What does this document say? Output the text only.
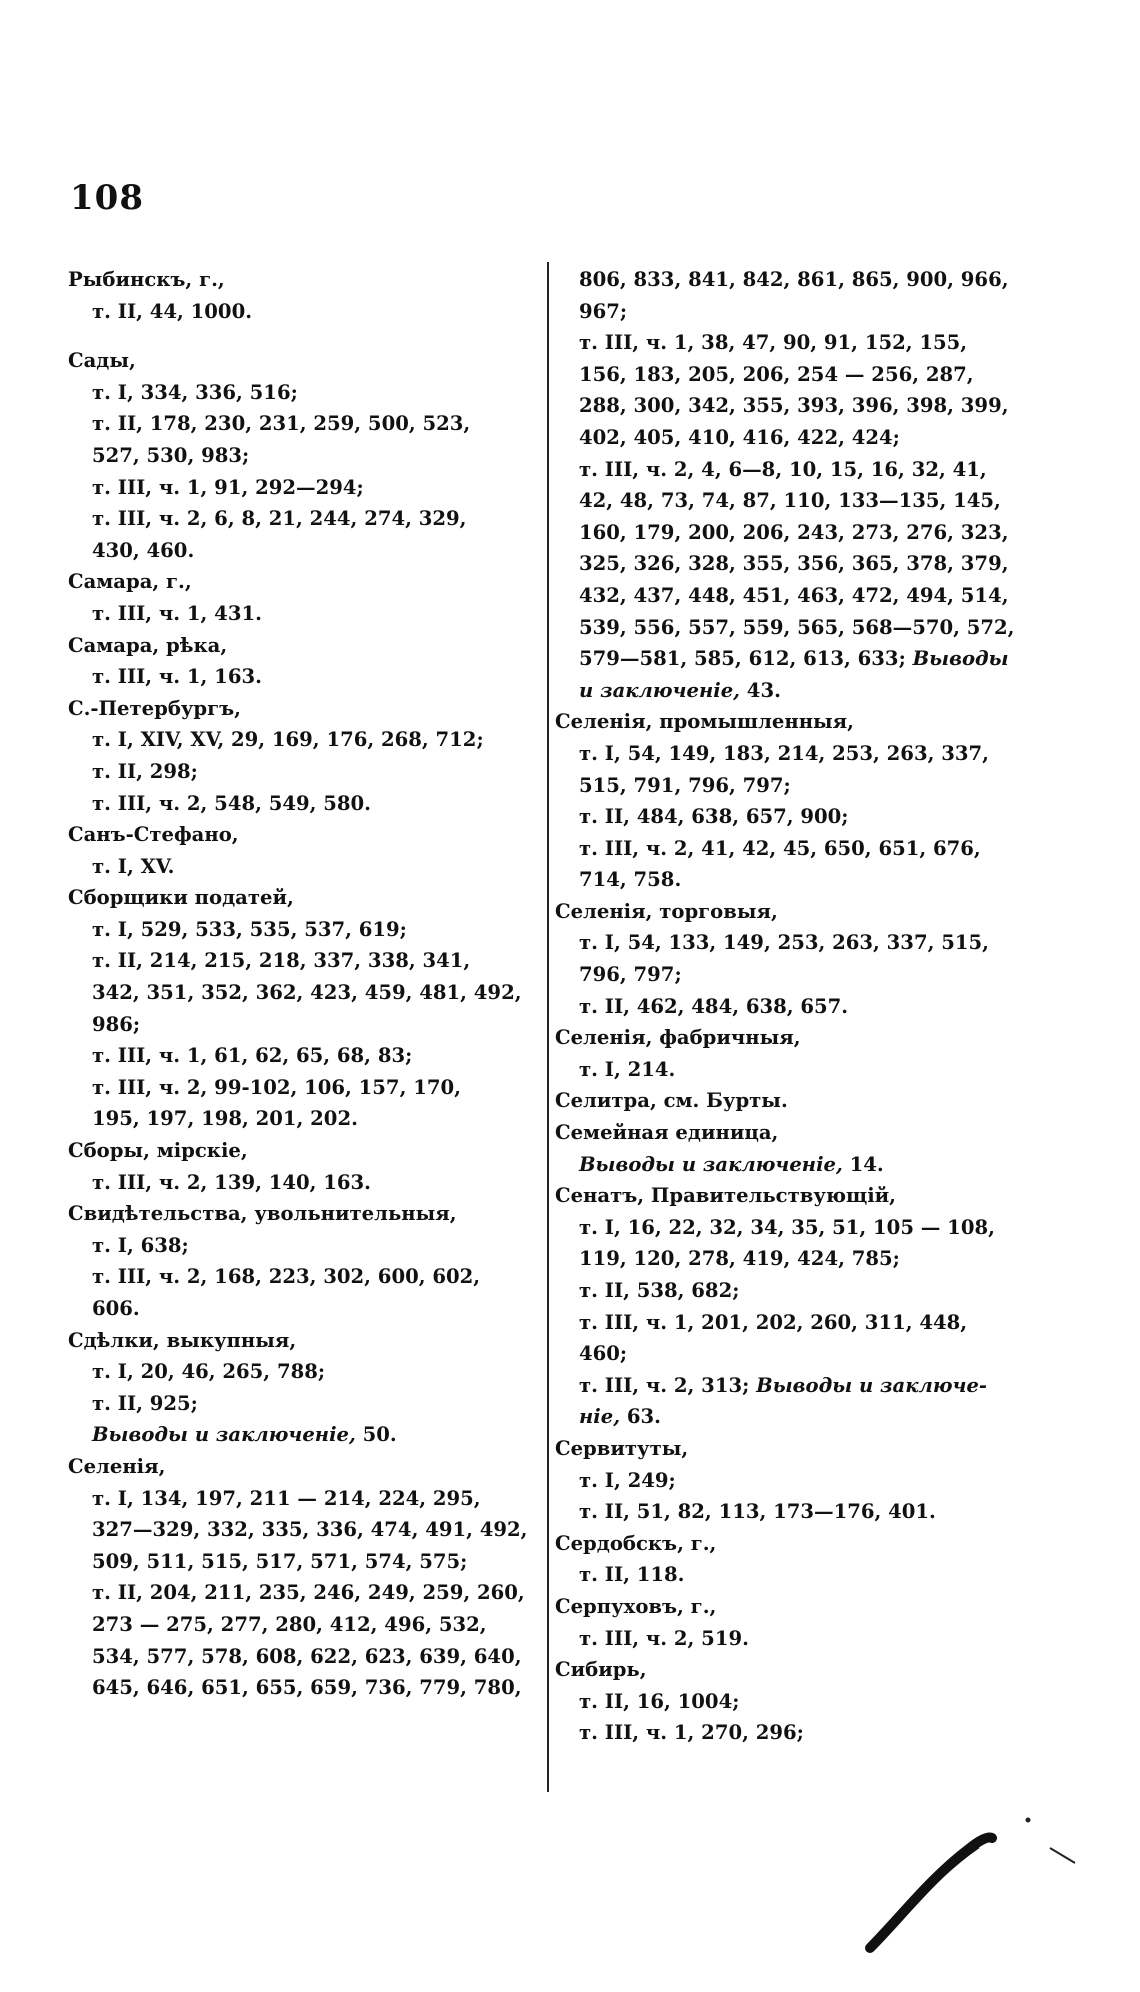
108
Рыбинскъ, г.,
т. II, 44, 1000.
Сады,
т. I, 334, 336, 516;
т. II, 178, 230, 231, 259, 500, 523,
527, 530, 983;
т. III, ч. 1, 91, 292—294;
т. III, ч. 2, 6, 8, 21, 244, 274, 329,
430, 460.
Самара, г.,
т. III, ч. 1, 431.
Самара, рѣка,
т. III, ч. 1, 163.
С.-Петербургъ,
т. I, XIV, XV, 29, 169, 176, 268, 712;
т. II, 298;
т. III, ч. 2, 548, 549, 580.
Санъ-Стефано,
т. I, XV.
Сборщики податей,
т. I, 529, 533, 535, 537, 619;
т. II, 214, 215, 218, 337, 338, 341,
342, 351, 352, 362, 423, 459, 481, 492,
986;
т. III, ч. 1, 61, 62, 65, 68, 83;
т. III, ч. 2, 99-102, 106, 157, 170,
195, 197, 198, 201, 202.
Сборы, мірскіе,
т. III, ч. 2, 139, 140, 163.
Свидѣтельства, увольнительныя,
т. I, 638;
т. III, ч. 2, 168, 223, 302, 600, 602,
606.
Сдѣлки, выкупныя,
т. I, 20, 46, 265, 788;
т. II, 925;
Выводы и заключеніе, 50.
Селенія,
т. I, 134, 197, 211 — 214, 224, 295,
327—329, 332, 335, 336, 474, 491, 492,
509, 511, 515, 517, 571, 574, 575;
т. II, 204, 211, 235, 246, 249, 259, 260,
273 — 275, 277, 280, 412, 496, 532,
534, 577, 578, 608, 622, 623, 639, 640,
645, 646, 651, 655, 659, 736, 779, 780,
806, 833, 841, 842, 861, 865, 900, 966,
967;
т. III, ч. 1, 38, 47, 90, 91, 152, 155,
156, 183, 205, 206, 254 — 256, 287,
288, 300, 342, 355, 393, 396, 398, 399,
402, 405, 410, 416, 422, 424;
т. III, ч. 2, 4, 6—8, 10, 15, 16, 32, 41,
42, 48, 73, 74, 87, 110, 133—135, 145,
160, 179, 200, 206, 243, 273, 276, 323,
325, 326, 328, 355, 356, 365, 378, 379,
432, 437, 448, 451, 463, 472, 494, 514,
539, 556, 557, 559, 565, 568—570, 572,
579—581, 585, 612, 613, 633; Выводы
и заключеніе, 43.
Селенія, промышленныя,
т. I, 54, 149, 183, 214, 253, 263, 337,
515, 791, 796, 797;
т. II, 484, 638, 657, 900;
т. III, ч. 2, 41, 42, 45, 650, 651, 676,
714, 758.
Селенія, торговыя,
т. I, 54, 133, 149, 253, 263, 337, 515,
796, 797;
т. II, 462, 484, 638, 657.
Селенія, фабричныя,
т. I, 214.
Селитра, см. Бурты.
Семейная единица,
Выводы и заключеніе, 14.
Сенатъ, Правительствующій,
т. I, 16, 22, 32, 34, 35, 51, 105 — 108,
119, 120, 278, 419, 424, 785;
т. II, 538, 682;
т. III, ч. 1, 201, 202, 260, 311, 448,
460;
т. III, ч. 2, 313; Выводы и заключе-
ніе, 63.
Сервитуты,
т. I, 249;
т. II, 51, 82, 113, 173—176, 401.
Сердобскъ, г.,
т. II, 118.
Серпуховъ, г.,
т. III, ч. 2, 519.
Сибирь,
т. II, 16, 1004;
т. III, ч. 1, 270, 296;
